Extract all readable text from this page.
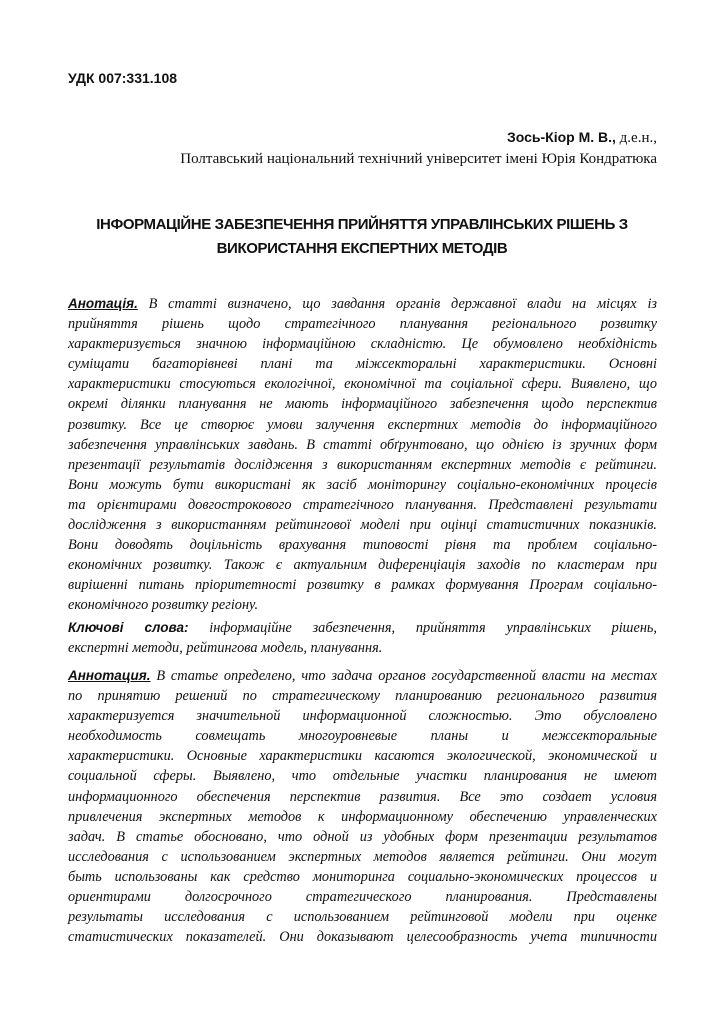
УДК 007:331.108
Зось-Кіор М. В., д.е.н.,
Полтавський національний технічний університет імені Юрія Кондратюка
ІНФОРМАЦІЙНЕ ЗАБЕЗПЕЧЕННЯ ПРИЙНЯТТЯ УПРАВЛІНСЬКИХ РІШЕНЬ З
ВИКОРИСТАННЯ ЕКСПЕРТНИХ МЕТОДІВ
Анотація. В статті визначено, що завдання органів державної влади на місцях із
прийняття рішень щодо стратегічного планування регіонального розвитку
характеризується значною інформаційною складністю. Це обумовлено необхідність
суміщати багаторівневі плані та міжсекторальні характеристики. Основні
характеристики стосуються екологічної, економічної та соціальної сфери. Виявлено, що
окремі ділянки планування не мають інформаційного забезпечення щодо перспектив
розвитку. Все це створює умови залучення експертних методів до інформаційного
забезпечення управлінських завдань. В статті обґрунтовано, що однією із зручних форм
презентації результатів дослідження з використанням експертних методів є рейтинги.
Вони можуть бути використані як засіб моніторингу соціально-економічних процесів
та орієнтирами довгострокового стратегічного планування. Представлені результати
дослідження з використанням рейтингової моделі при оцінці статистичних показників.
Вони доводять доцільність врахування типовості рівня та проблем соціально-
економічних розвитку. Також є актуальним диференціація заходів по кластерам при
вирішенні питань пріоритетності розвитку в рамках формування Програм соціально-
економічного розвитку регіону.
Ключові слова: інформаційне забезпечення, прийняття управлінських рішень,
експертні методи, рейтингова модель, планування.
Аннотация. В статье определено, что задача органов государственной власти на местах
по принятию решений по стратегическому планированию регионального развития
характеризуется значительной информационной сложностью. Это обусловлено
необходимость совмещать многоуровневые планы и межсекторальные
характеристики. Основные характеристики касаются экологической, экономической и
социальной сферы. Выявлено, что отдельные участки планирования не имеют
информационного обеспечения перспектив развития. Все это создает условия
привлечения экспертных методов к информационному обеспечению управленческих
задач. В статье обосновано, что одной из удобных форм презентации результатов
исследования с использованием экспертных методов является рейтинги. Они могут
быть использованы как средство мониторинга социально-экономических процессов и
ориентирами долгосрочного стратегического планирования. Представлены
результаты исследования с использованием рейтинговой модели при оценке
статистических показателей. Они доказывают целесообразность учета типичности
